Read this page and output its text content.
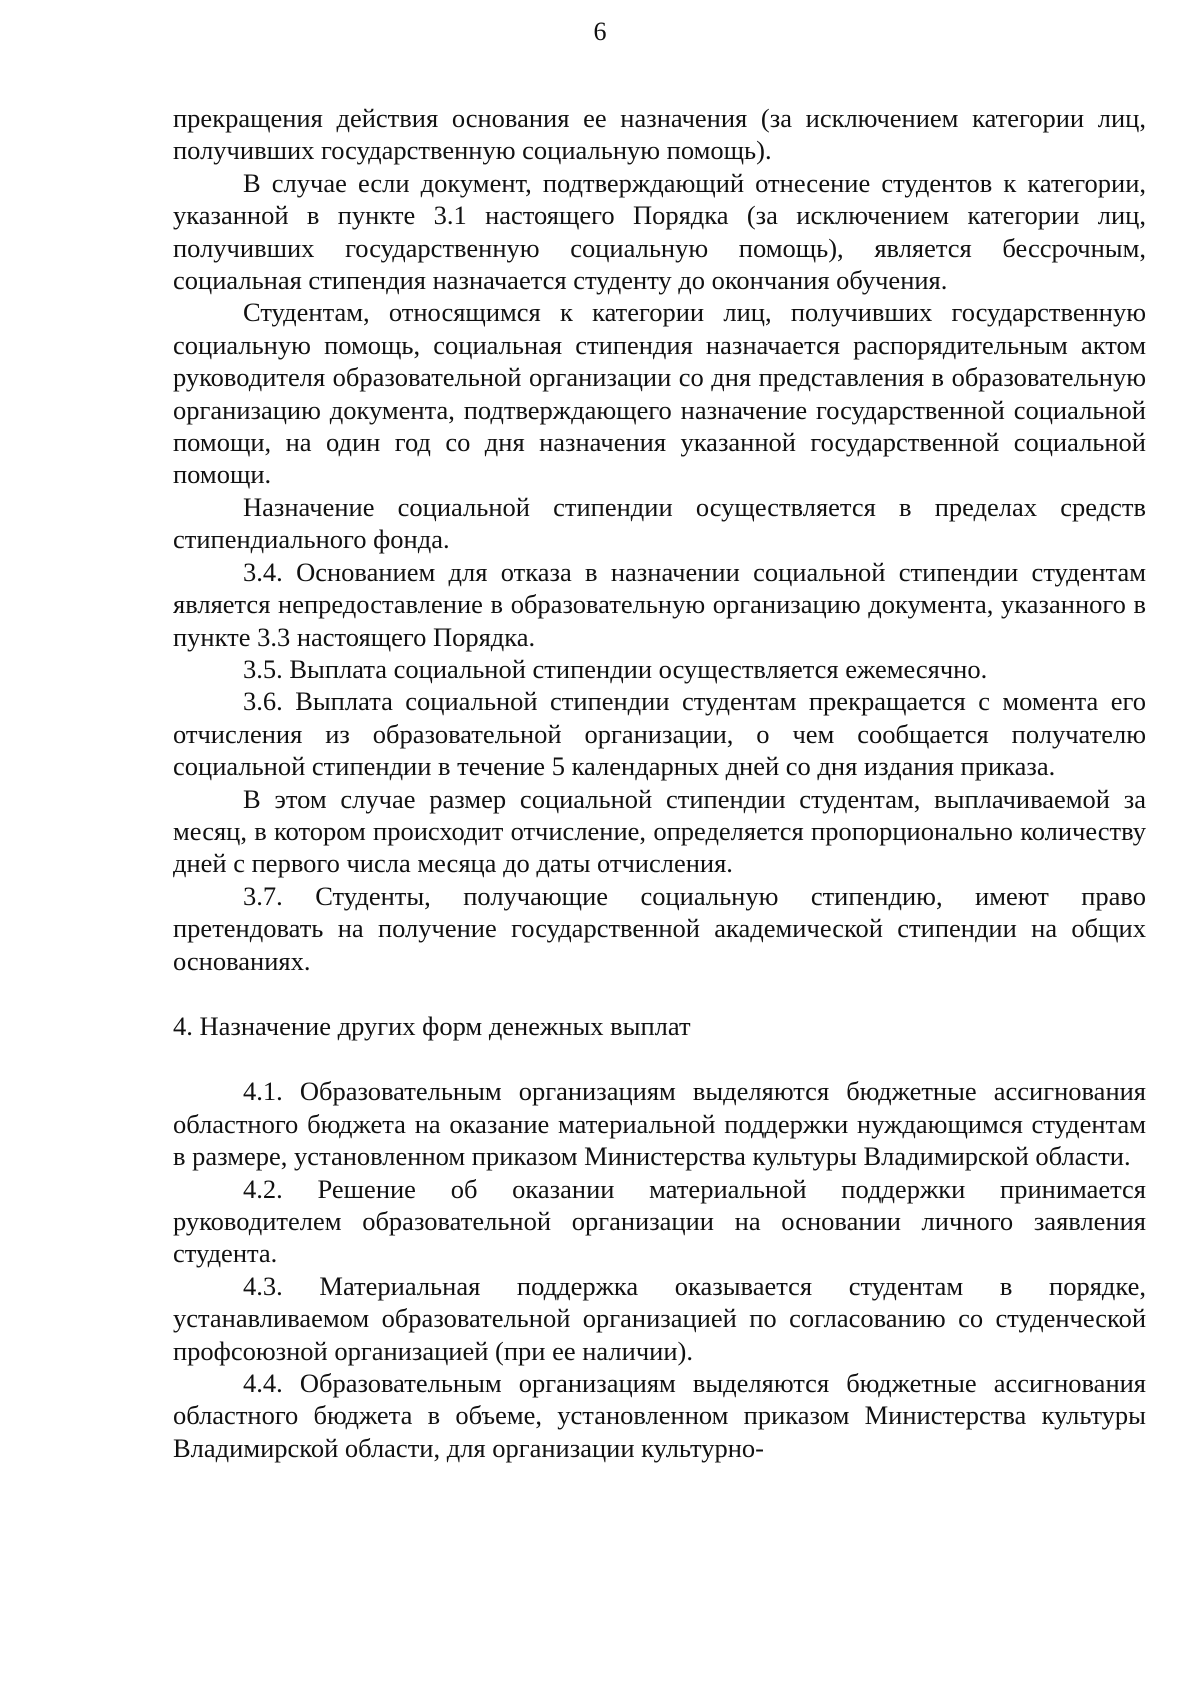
6

прекращения действия основания ее назначения (за исключением категории лиц, получивших государственную социальную помощь).

В случае если документ, подтверждающий отнесение студентов к категории, указанной в пункте 3.1 настоящего Порядка (за исключением категории лиц, получивших государственную социальную помощь), является бессрочным, социальная стипендия назначается студенту до окончания обучения.

Студентам, относящимся к категории лиц, получивших государственную социальную помощь, социальная стипендия назначается распорядительным актом руководителя образовательной организации со дня представления в образовательную организацию документа, подтверждающего назначение государственной социальной помощи, на один год со дня назначения указанной государственной социальной помощи.

Назначение социальной стипендии осуществляется в пределах средств стипендиального фонда.

3.4. Основанием для отказа в назначении социальной стипендии студентам является непредоставление в образовательную организацию документа, указанного в пункте 3.3 настоящего Порядка.

3.5. Выплата социальной стипендии осуществляется ежемесячно.

3.6. Выплата социальной стипендии студентам прекращается с момента его отчисления из образовательной организации, о чем сообщается получателю социальной стипендии в течение 5 календарных дней со дня издания приказа.

В этом случае размер социальной стипендии студентам, выплачиваемой за месяц, в котором происходит отчисление, определяется пропорционально количеству дней с первого числа месяца до даты отчисления.

3.7. Студенты, получающие социальную стипендию, имеют право претендовать на получение государственной академической стипендии на общих основаниях.

4. Назначение других форм денежных выплат

4.1. Образовательным организациям выделяются бюджетные ассигнования областного бюджета на оказание материальной поддержки нуждающимся студентам в размере, установленном приказом Министерства культуры Владимирской области.

4.2. Решение об оказании материальной поддержки принимается руководителем образовательной организации на основании личного заявления студента.

4.3. Материальная поддержка оказывается студентам в порядке, устанавливаемом образовательной организацией по согласованию со студенческой профсоюзной организацией (при ее наличии).

4.4. Образовательным организациям выделяются бюджетные ассигнования областного бюджета в объеме, установленном приказом Министерства культуры Владимирской области, для организации культурно-
